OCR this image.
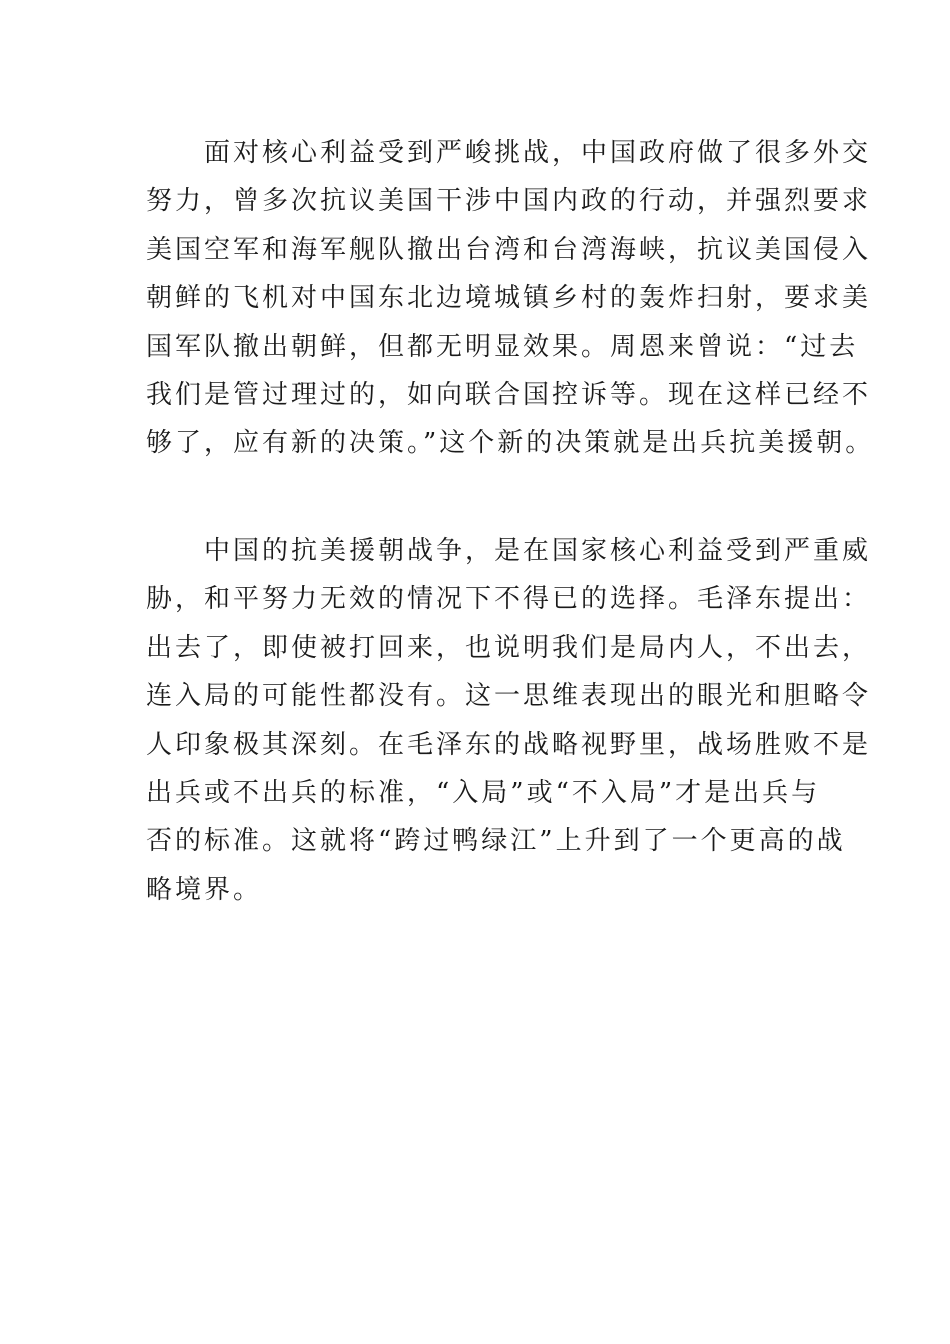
　　面对核心利益受到严峻挑战，中国政府做了很多外交
努力，曾多次抗议美国干涉中国内政的行动，并强烈要求
美国空军和海军舰队撤出台湾和台湾海峡，抗议美国侵入
朝鲜的飞机对中国东北边境城镇乡村的轰炸扫射，要求美
国军队撤出朝鲜，但都无明显效果。周恩来曾说：“过去
我们是管过理过的，如向联合国控诉等。现在这样已经不
够了，应有新的决策。”这个新的决策就是出兵抗美援朝。

　　中国的抗美援朝战争，是在国家核心利益受到严重威
胁，和平努力无效的情况下不得已的选择。毛泽东提出：
出去了，即使被打回来，也说明我们是局内人，不出去，
连入局的可能性都没有。这一思维表现出的眼光和胆略令
人印象极其深刻。在毛泽东的战略视野里，战场胜败不是
出兵或不出兵的标准，“入局”或“不入局”才是出兵与
否的标准。这就将“跨过鸭绿江”上升到了一个更高的战
略境界。
